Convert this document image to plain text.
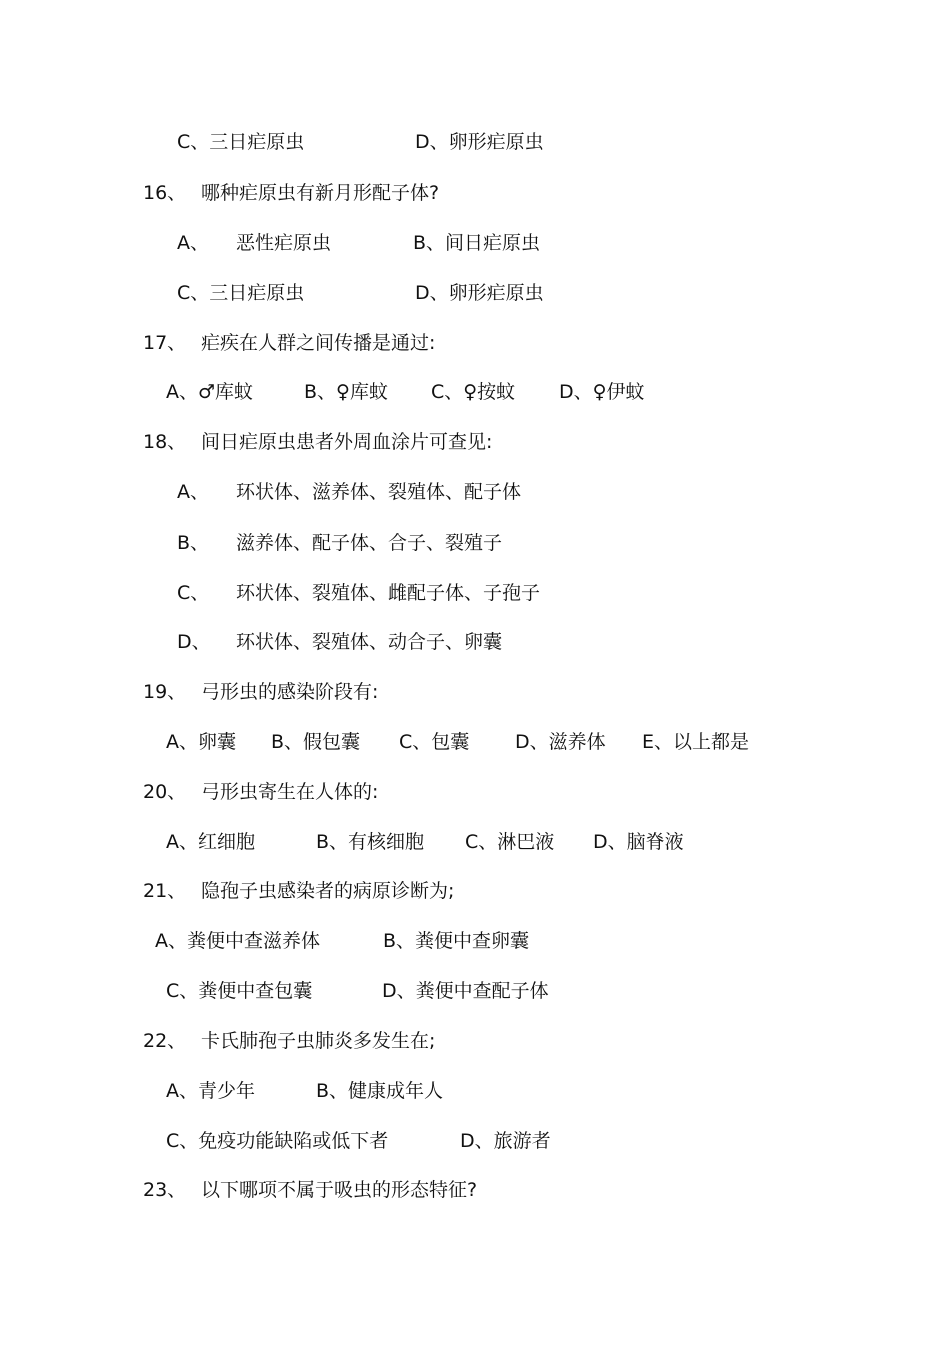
C、三日疟原虫	D、卵形疟原虫
16、 哪种疟原虫有新月形配子体?
A、 恶性疟原虫	B、间日疟原虫
C、三日疟原虫	D、卵形疟原虫
17、 疟疾在人群之间传播是通过:
A、♂库蚊	B、♀库蚊 C、♀按蚊 D、♀伊蚊
18、 间日疟原虫患者外周血涂片可查见:
A、 环状体、滋养体、裂殖体、配子体
B、 滋养体、配子体、合子、裂殖子
C、 环状体、裂殖体、雌配子体、子孢子
D、 环状体、裂殖体、动合子、卵囊
19、 弓形虫的感染阶段有:
A、卵囊 B、假包囊 C、包囊 D、滋养体 E、以上都是
20、 弓形虫寄生在人体的:
A、红细胞	B、有核细胞 C、淋巴液 D、脑脊液
21、 隐孢子虫感染者的病原诊断为;
A、粪便中查滋养体	B、粪便中查卵囊
C、粪便中查包囊	D、粪便中查配子体
22、 卡氏肺孢子虫肺炎多发生在;
A、青少年	B、健康成年人
C、免疫功能缺陷或低下者	D、旅游者
23、 以下哪项不属于吸虫的形态特征?
